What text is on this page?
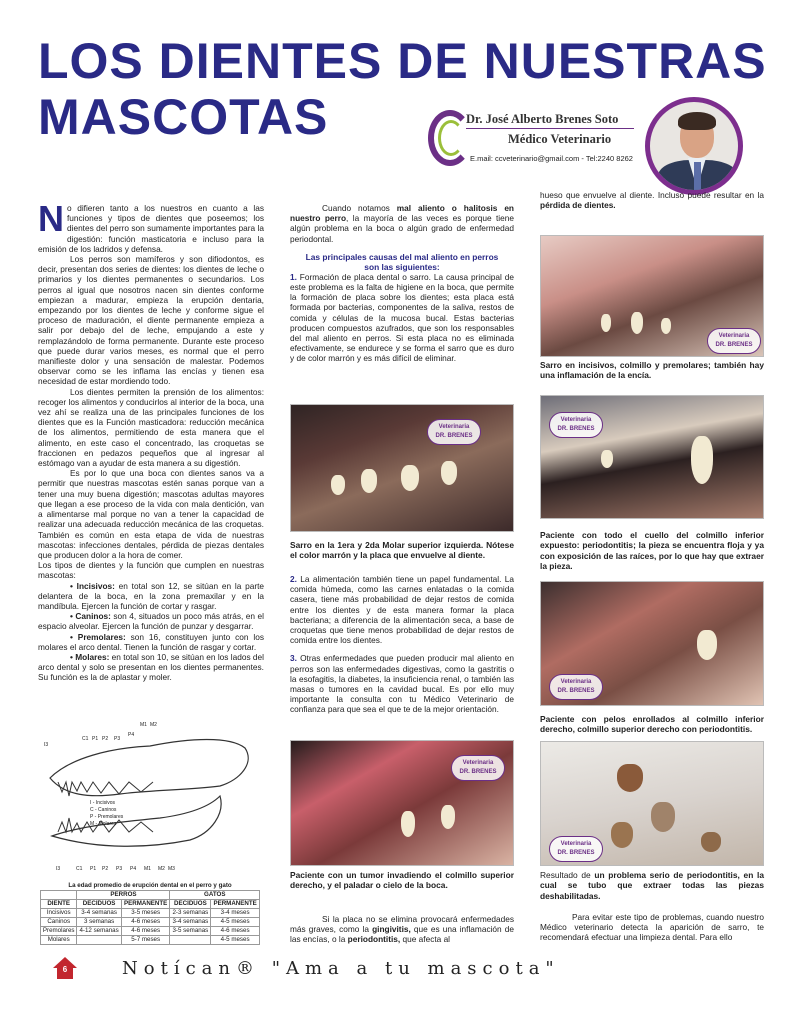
LOS DIENTES DE NUESTRAS
MASCOTAS	Dr. José Alberto Brenes Soto
Médico Veterinario
E.mail: ccveterinario@gmail.com - Tel:2240 8262

No difieren tanto a los nuestros en cuanto a las funciones y tipos de dientes que poseemos; los dientes del perro son sumamente importantes para la digestión: función masticatoria e incluso para la emisión de los ladridos y defensa.

Los perros son mamíferos y son difiodontos, es decir, presentan dos series de dientes: los dientes de leche o primarios y los dientes permanentes o secundarios. Los perros al igual que nosotros nacen sin dientes conforme empiezan a madurar, empieza la erupción dentaria, empezando por los dientes de leche y conforme sigue el proceso de maduración, el diente permanente empieza a salir por debajo del de leche, empujando a este y remplazándolo de forma permanente. Durante este proceso que puede durar varios meses, es normal que el perro manifieste dolor y una sensación de malestar. Podemos observar como se les inflama las encías y tienen esa necesidad de estar mordiendo todo.

Los dientes permiten la prensión de los alimentos: recoger los alimentos y conducirlos al interior de la boca, una vez ahí se realiza una de las principales funciones de los dientes que es la Función masticadora: reducción mecánica de los alimentos, permitiendo de esta manera que el alimento, en este caso el concentrado, las croquetas se fraccionen en pedazos pequeños que al ingresar al estómago van a ayudar de esta manera a su digestión.

Es por lo que una boca con dientes sanos va a permitir que nuestras mascotas estén sanas porque van a tener una muy buena digestión; mascotas adultas mayores que llegan a ese proceso de la vida con mala dentición, van a alimentarse mal porque no van a tener la capacidad de realizar una adecuada reducción mecánica de las croquetas. También es común en esta etapa de vida de nuestras mascotas: infecciones dentales, pérdida de piezas dentales que producen dolor a la hora de comer.

Los tipos de dientes y la función que cumplen en nuestras mascotas:

• Incisivos: en total son 12, se sitúan en la parte delantera de la boca, en la zona premaxilar y en la mandíbula. Ejercen la función de cortar y rasgar.

• Caninos: son 4, situados un poco más atrás, en el espacio alveolar. Ejercen la función de punzar y desgarrar.

• Premolares: son 16, constituyen junto con los molares el arco dental. Tienen la función de rasgar y cortar.

• Molares: en total son 10, se sitúan en los lados del arco dental y solo se presentan en los dientes permanentes. Su función es la de aplastar y moler.

I3
C1 P1 P2 P3
P4
M1 M2
I3	C1 P1 P2 P3 P4 M1 M2 M3
I - Incisivos
C - Caninos
P - Premolares
M - Molares
La edad promedio de erupción dental en el perro y gato				
	PERROS		GATOS	
DIENTE	DECIDUOS	PERMANENTE	DECIDUOS	PERMANENTE
Incisivos	3-4 semanas	3-5 meses	2-3 semanas	3-4 meses
Caninos	3 semanas	4-6 meses	3-4 semanas	4-5 meses
Premolares	4-12 semanas	4-6 meses	3-5 semanas	4-6 meses
Molares		5-7 meses		4-5 meses

Cuando notamos mal aliento o halitosis en nuestro perro, la mayoría de las veces es porque tiene algún problema en la boca o algún grado de enfermedad periodontal.

Las principales causas del mal aliento en perros son las siguientes:

1. Formación de placa dental o sarro. La causa principal de este problema es la falta de higiene en la boca, que permite la formación de placa sobre los dientes; esta placa está formada por bacterias, componentes de la saliva, restos de comida y células de la mucosa bucal. Estas bacterias producen compuestos azufrados, que son los responsables del mal aliento en perros. Si esta placa no es eliminada efectivamente, se endurece y se forma el sarro que es duro y de color marrón y es más difícil de eliminar.

2. La alimentación también tiene un papel fundamental. La comida húmeda, como las carnes enlatadas o la comida casera, tiene más probabilidad de dejar restos de comida entre los dientes y de esta manera formar la placa bacteriana; a diferencia de la alimentación seca, a base de croquetas que tiene menos probabilidad de dejar restos de comida entre los dientes.

3. Otras enfermedades que pueden producir mal aliento en perros son las enfermedades digestivas, como la gastritis o la esofagitis, la diabetes, la insuficiencia renal, o también las masas o tumores en la cavidad bucal. Es por ello muy importante la consulta con tu Médico Veterinario de confianza para que sea el que te de la mejor orientación.

Si la placa no se elimina provocará enfermedades más graves, como la gingivitis, que es una inflamación de las encías, o la periodontitis, que afecta al

hueso que envuelve al diente. Incluso puede resultar en la pérdida de dientes.

Para evitar este tipo de problemas, cuando nuestro Médico veterinario detecta la aparición de sarro, te recomendará efectuar una limpieza dental. Para ello

Veterinaria
DR. BRENES
Sarro en incisivos, colmillo y premolares; también hay una inflamación de la encía.
Veterinaria
DR. BRENES
Sarro en la 1era y 2da Molar superior izquierda. Nótese el color marrón y la placa que envuelve al diente.
Veterinaria
DR. BRENES
Paciente con todo el cuello del colmillo inferior expuesto: periodontitis; la pieza se encuentra floja y ya con exposición de las raíces, por lo que hay que extraer la pieza.
Veterinaria
DR. BRENES
Paciente con pelos enrollados al colmillo inferior derecho, colmillo superior derecho con periodontitis.
Veterinaria
DR. BRENES
Paciente con un tumor invadiendo el colmillo superior derecho, y el paladar o cielo de la boca.
Veterinaria
DR. BRENES
Resultado de un problema serio de periodontitis, en la cual se tubo que extraer todas las piezas deshabilitadas.
6	Notícan® "Ama a tu mascota"
